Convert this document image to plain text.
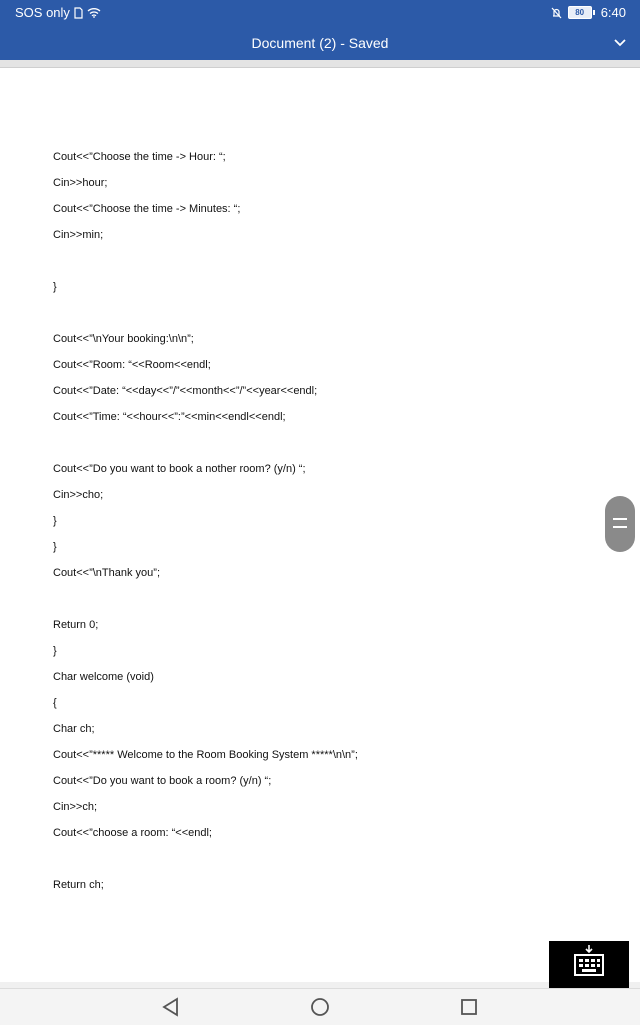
SOS only	80	6:40
Document (2) - Saved
Cout<<”Choose the time -> Hour: “;
Cin>>hour;
Cout<<”Choose the time -> Minutes: “;
Cin>>min;
}
Cout<<”\nYour booking:\n\n”;
Cout<<”Room: “<<Room<<endl;
Cout<<”Date: “<<day<<”/”<<month<<”/”<<year<<endl;
Cout<<”Time: “<<hour<<”:”<<min<<endl<<endl;
Cout<<”Do you want to book a nother room? (y/n) “;
Cin>>cho;
}
}
Cout<<”\nThank you”;
Return 0;
}
Char welcome (void)
{
Char ch;
Cout<<”***** Welcome to the Room Booking System *****\n\n”;
Cout<<”Do you want to book a room? (y/n) “;
Cin>>ch;
Cout<<”choose a room: “<<endl;
Return ch;
